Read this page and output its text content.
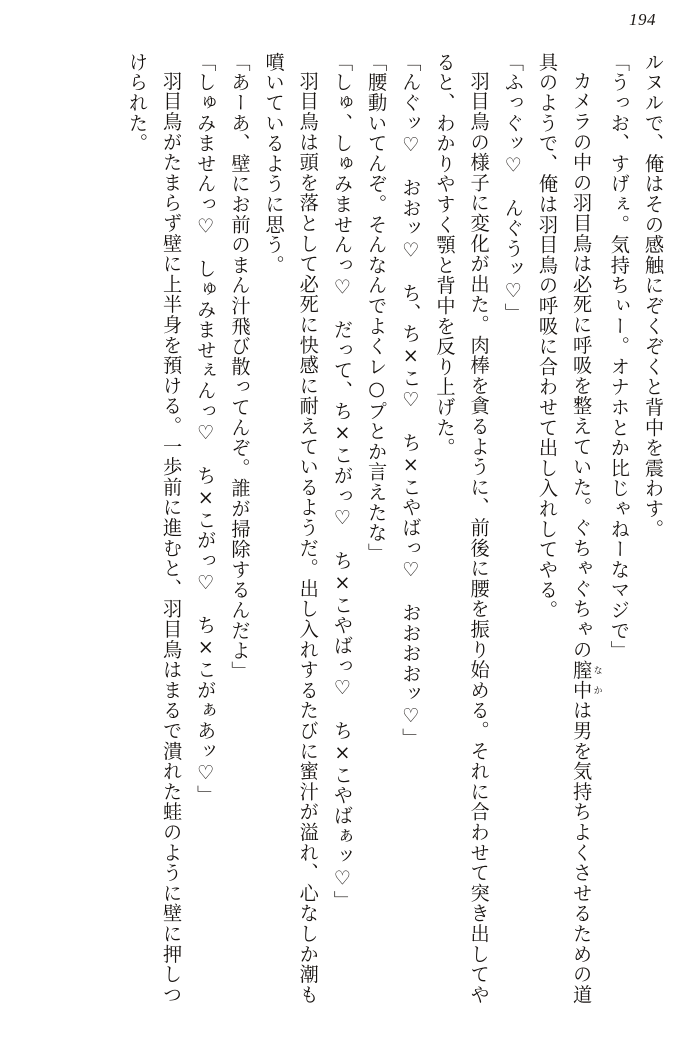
194

ルヌルで、俺はその感触にぞくぞくと背中を震わす。

「うっお、すげぇ。気持ちぃー。オナホとか比じゃねーなマジで」

カメラの中の羽目鳥は必死に呼吸を整えていた。ぐちゃぐちゃの膣中なかは男を気持ちよくさせるための道具のようで、俺は羽目鳥の呼吸に合わせて出し入れしてやる。

「ふっぐッ♡　んぐうッ♡」

羽目鳥の様子に変化が出た。肉棒を貪るように、前後に腰を振り始める。それに合わせて突き出してやると、わかりやすく顎と背中を反り上げた。

「んぐッ♡　おおッ♡　ち、ち×こ♡　ち×こやばっ♡　おおおおッ♡」

「腰動いてんぞ。そんなんでよくレ○プとか言えたな」

「しゅ、しゅみませんっ♡　だって、ち×こがっ♡　ち×こやばっ♡　ち×こやばぁッ♡」

羽目鳥は頭を落として必死に快感に耐えているようだ。出し入れするたびに蜜汁が溢れ、心なしか潮も噴いているように思う。

「あーあ、壁にお前のまん汁飛び散ってんぞ。誰が掃除するんだよ」

「しゅみませんっ♡　しゅみませぇんっ♡　ち×こがっ♡　ち×こがぁあッ♡」

羽目鳥がたまらず壁に上半身を預ける。一歩前に進むと、羽目鳥はまるで潰れた蛙のように壁に押しつけられた。
